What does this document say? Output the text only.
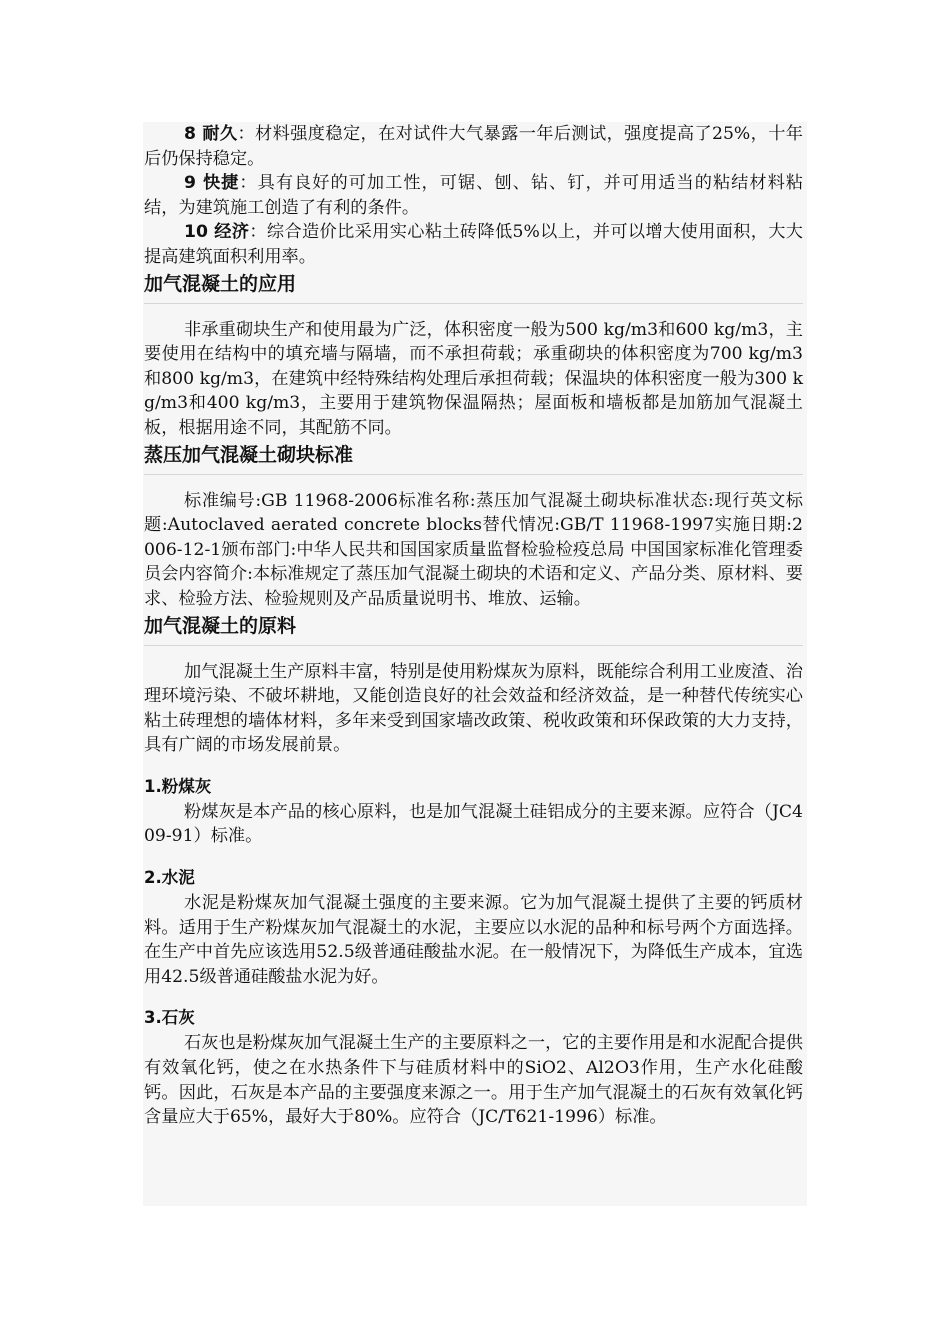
8 耐久：材料强度稳定，在对试件大气暴露一年后测试，强度提高了25%，十年后仍保持稳定。

9 快捷：具有良好的可加工性，可锯、刨、钻、钉，并可用适当的粘结材料粘结，为建筑施工创造了有利的条件。

10 经济：综合造价比采用实心粘土砖降低5%以上，并可以增大使用面积，大大提高建筑面积利用率。

加气混凝土的应用

非承重砌块生产和使用最为广泛，体积密度一般为500 kg/m3和600 kg/m3，主要使用在结构中的填充墙与隔墙，而不承担荷载；承重砌块的体积密度为700 kg/m3和800 kg/m3，在建筑中经特殊结构处理后承担荷载；保温块的体积密度一般为300 kg/m3和400 kg/m3，主要用于建筑物保温隔热；屋面板和墙板都是加筋加气混凝土板，根据用途不同，其配筋不同。

蒸压加气混凝土砌块标准

标准编号:GB 11968-2006标准名称:蒸压加气混凝土砌块标准状态:现行英文标题:Autoclaved aerated concrete blocks替代情况:GB/T 11968-1997实施日期:2006-12-1颁布部门:中华人民共和国国家质量监督检验检疫总局 中国国家标准化管理委员会内容简介:本标准规定了蒸压加气混凝土砌块的术语和定义、产品分类、原材料、要求、检验方法、检验规则及产品质量说明书、堆放、运输。

加气混凝土的原料

加气混凝土生产原料丰富，特别是使用粉煤灰为原料，既能综合利用工业废渣、治理环境污染、不破坏耕地，又能创造良好的社会效益和经济效益，是一种替代传统实心粘土砖理想的墙体材料，多年来受到国家墙改政策、税收政策和环保政策的大力支持，具有广阔的市场发展前景。

1.粉煤灰

粉煤灰是本产品的核心原料，也是加气混凝土硅铝成分的主要来源。应符合（JC409-91）标准。

2.水泥

水泥是粉煤灰加气混凝土强度的主要来源。它为加气混凝土提供了主要的钙质材料。适用于生产粉煤灰加气混凝土的水泥，主要应以水泥的品种和标号两个方面选择。在生产中首先应该选用52.5级普通硅酸盐水泥。在一般情况下，为降低生产成本，宜选用42.5级普通硅酸盐水泥为好。

3.石灰

石灰也是粉煤灰加气混凝土生产的主要原料之一，它的主要作用是和水泥配合提供有效氧化钙，使之在水热条件下与硅质材料中的SiO2、Al2O3作用，生产水化硅酸钙。因此，石灰是本产品的主要强度来源之一。用于生产加气混凝土的石灰有效氧化钙含量应大于65%，最好大于80%。应符合（JC/T621-1996）标准。
